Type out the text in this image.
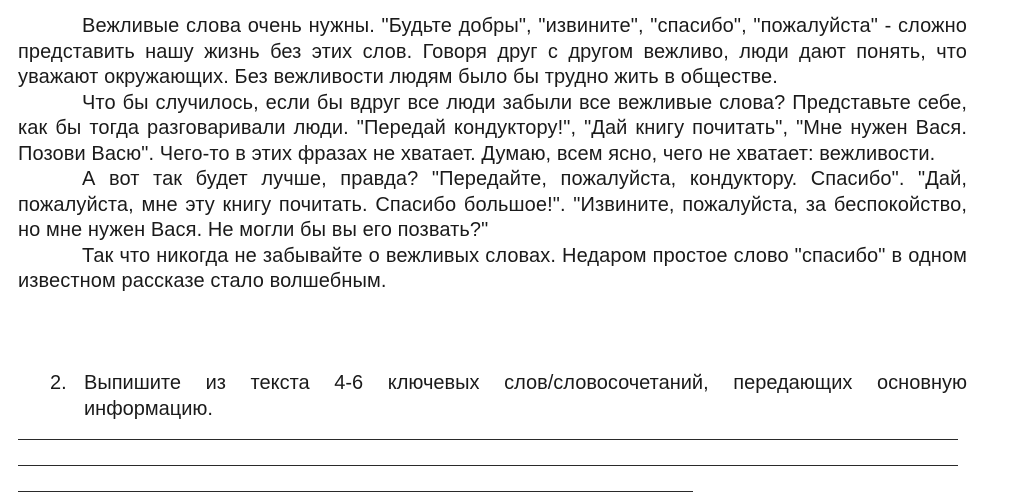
Вежливые слова очень нужны. "Будьте добры", "извините", "спасибо", "пожалуйста" - сложно представить нашу жизнь без этих слов. Говоря друг с другом вежливо, люди дают понять, что уважают окружающих. Без вежливости людям было бы трудно жить в обществе.

Что бы случилось, если бы вдруг все люди забыли все вежливые слова? Представьте себе, как бы тогда разговаривали люди. "Передай кондуктору!", "Дай книгу почитать", "Мне нужен Вася. Позови Васю". Чего-то в этих фразах не хватает. Думаю, всем ясно, чего не хватает: вежливости.

А вот так будет лучше, правда? "Передайте, пожалуйста, кондуктору. Спасибо". "Дай, пожалуйста, мне эту книгу почитать. Спасибо большое!". "Извините, пожалуйста, за беспокойство, но мне нужен Вася. Не могли бы вы его позвать?"

Так что никогда не забывайте о вежливых словах. Недаром простое слово "спасибо" в одном известном рассказе стало волшебным.

2. Выпишите из текста 4-6 ключевых слов/словосочетаний, передающих основную информацию.
